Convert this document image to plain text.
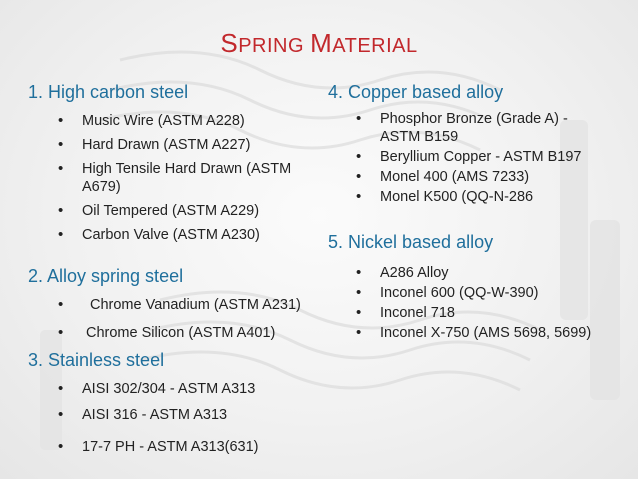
SPRING MATERIAL
1. High carbon steel
• Music Wire (ASTM A228)
• Hard Drawn (ASTM A227)
• High Tensile Hard Drawn (ASTM A679)
• Oil Tempered (ASTM A229)
• Carbon Valve (ASTM A230)
2. Alloy spring steel
• Chrome Vanadium (ASTM A231)
• Chrome Silicon (ASTM A401)
3. Stainless steel
• AISI 302/304 - ASTM A313
• AISI 316 - ASTM A313
• 17-7 PH - ASTM A313(631)
4. Copper based alloy
• Phosphor Bronze (Grade A) - ASTM B159
• Beryllium Copper - ASTM B197
• Monel 400 (AMS 7233)
• Monel K500 (QQ-N-286
5. Nickel based alloy
• A286 Alloy
• Inconel 600 (QQ-W-390)
• Inconel 718
• Inconel X-750 (AMS 5698, 5699)
